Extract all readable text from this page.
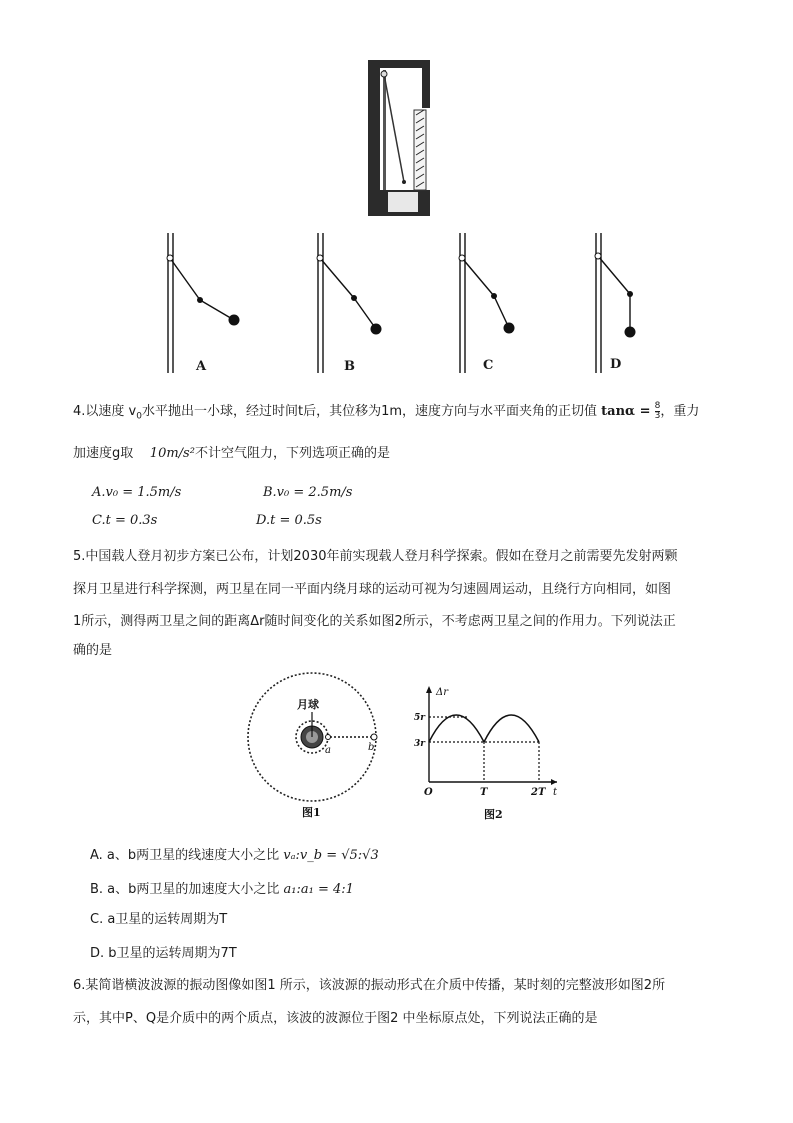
A	B	C	D
4.以速度 $v_0$水平抛出一小球，经过时间t后，其位移为1m，速度方向与水平面夹角的正切值 $\tan\alpha = \frac{8}{3}$ ，重力
加速度g取 10m/s²不计空气阻力，下列选项正确的是
A.v₀ = 1.5m/s	B.v₀ = 2.5m/s
C.t = 0.3s	D.t = 0.5s
5.中国载人登月初步方案已公布，计划2030年前实现载人登月科学探索。假如在登月之前需要先发射两颗
探月卫星进行科学探测，两卫星在同一平面内绕月球的运动可视为匀速圆周运动，且绕行方向相同，如图
1所示，测得两卫星之间的距离Δr随时间变化的关系如图2所示，不考虑两卫星之间的作用力。下列说法正
确的是
月球
a	b
图1
Δr
5r
3r
O	T	2T t
图2
A. a、b两卫星的线速度大小之比 vₐ:v_b = √5:√3
B. a、b两卫星的加速度大小之比 a₁:a₁ = 4:1
C. a卫星的运转周期为T
D. b卫星的运转周期为7T
6.某简谐横波波源的振动图像如图1 所示，该波源的振动形式在介质中传播，某时刻的完整波形如图2所
示，其中P、Q是介质中的两个质点，该波的波源位于图2 中坐标原点处，下列说法正确的是
